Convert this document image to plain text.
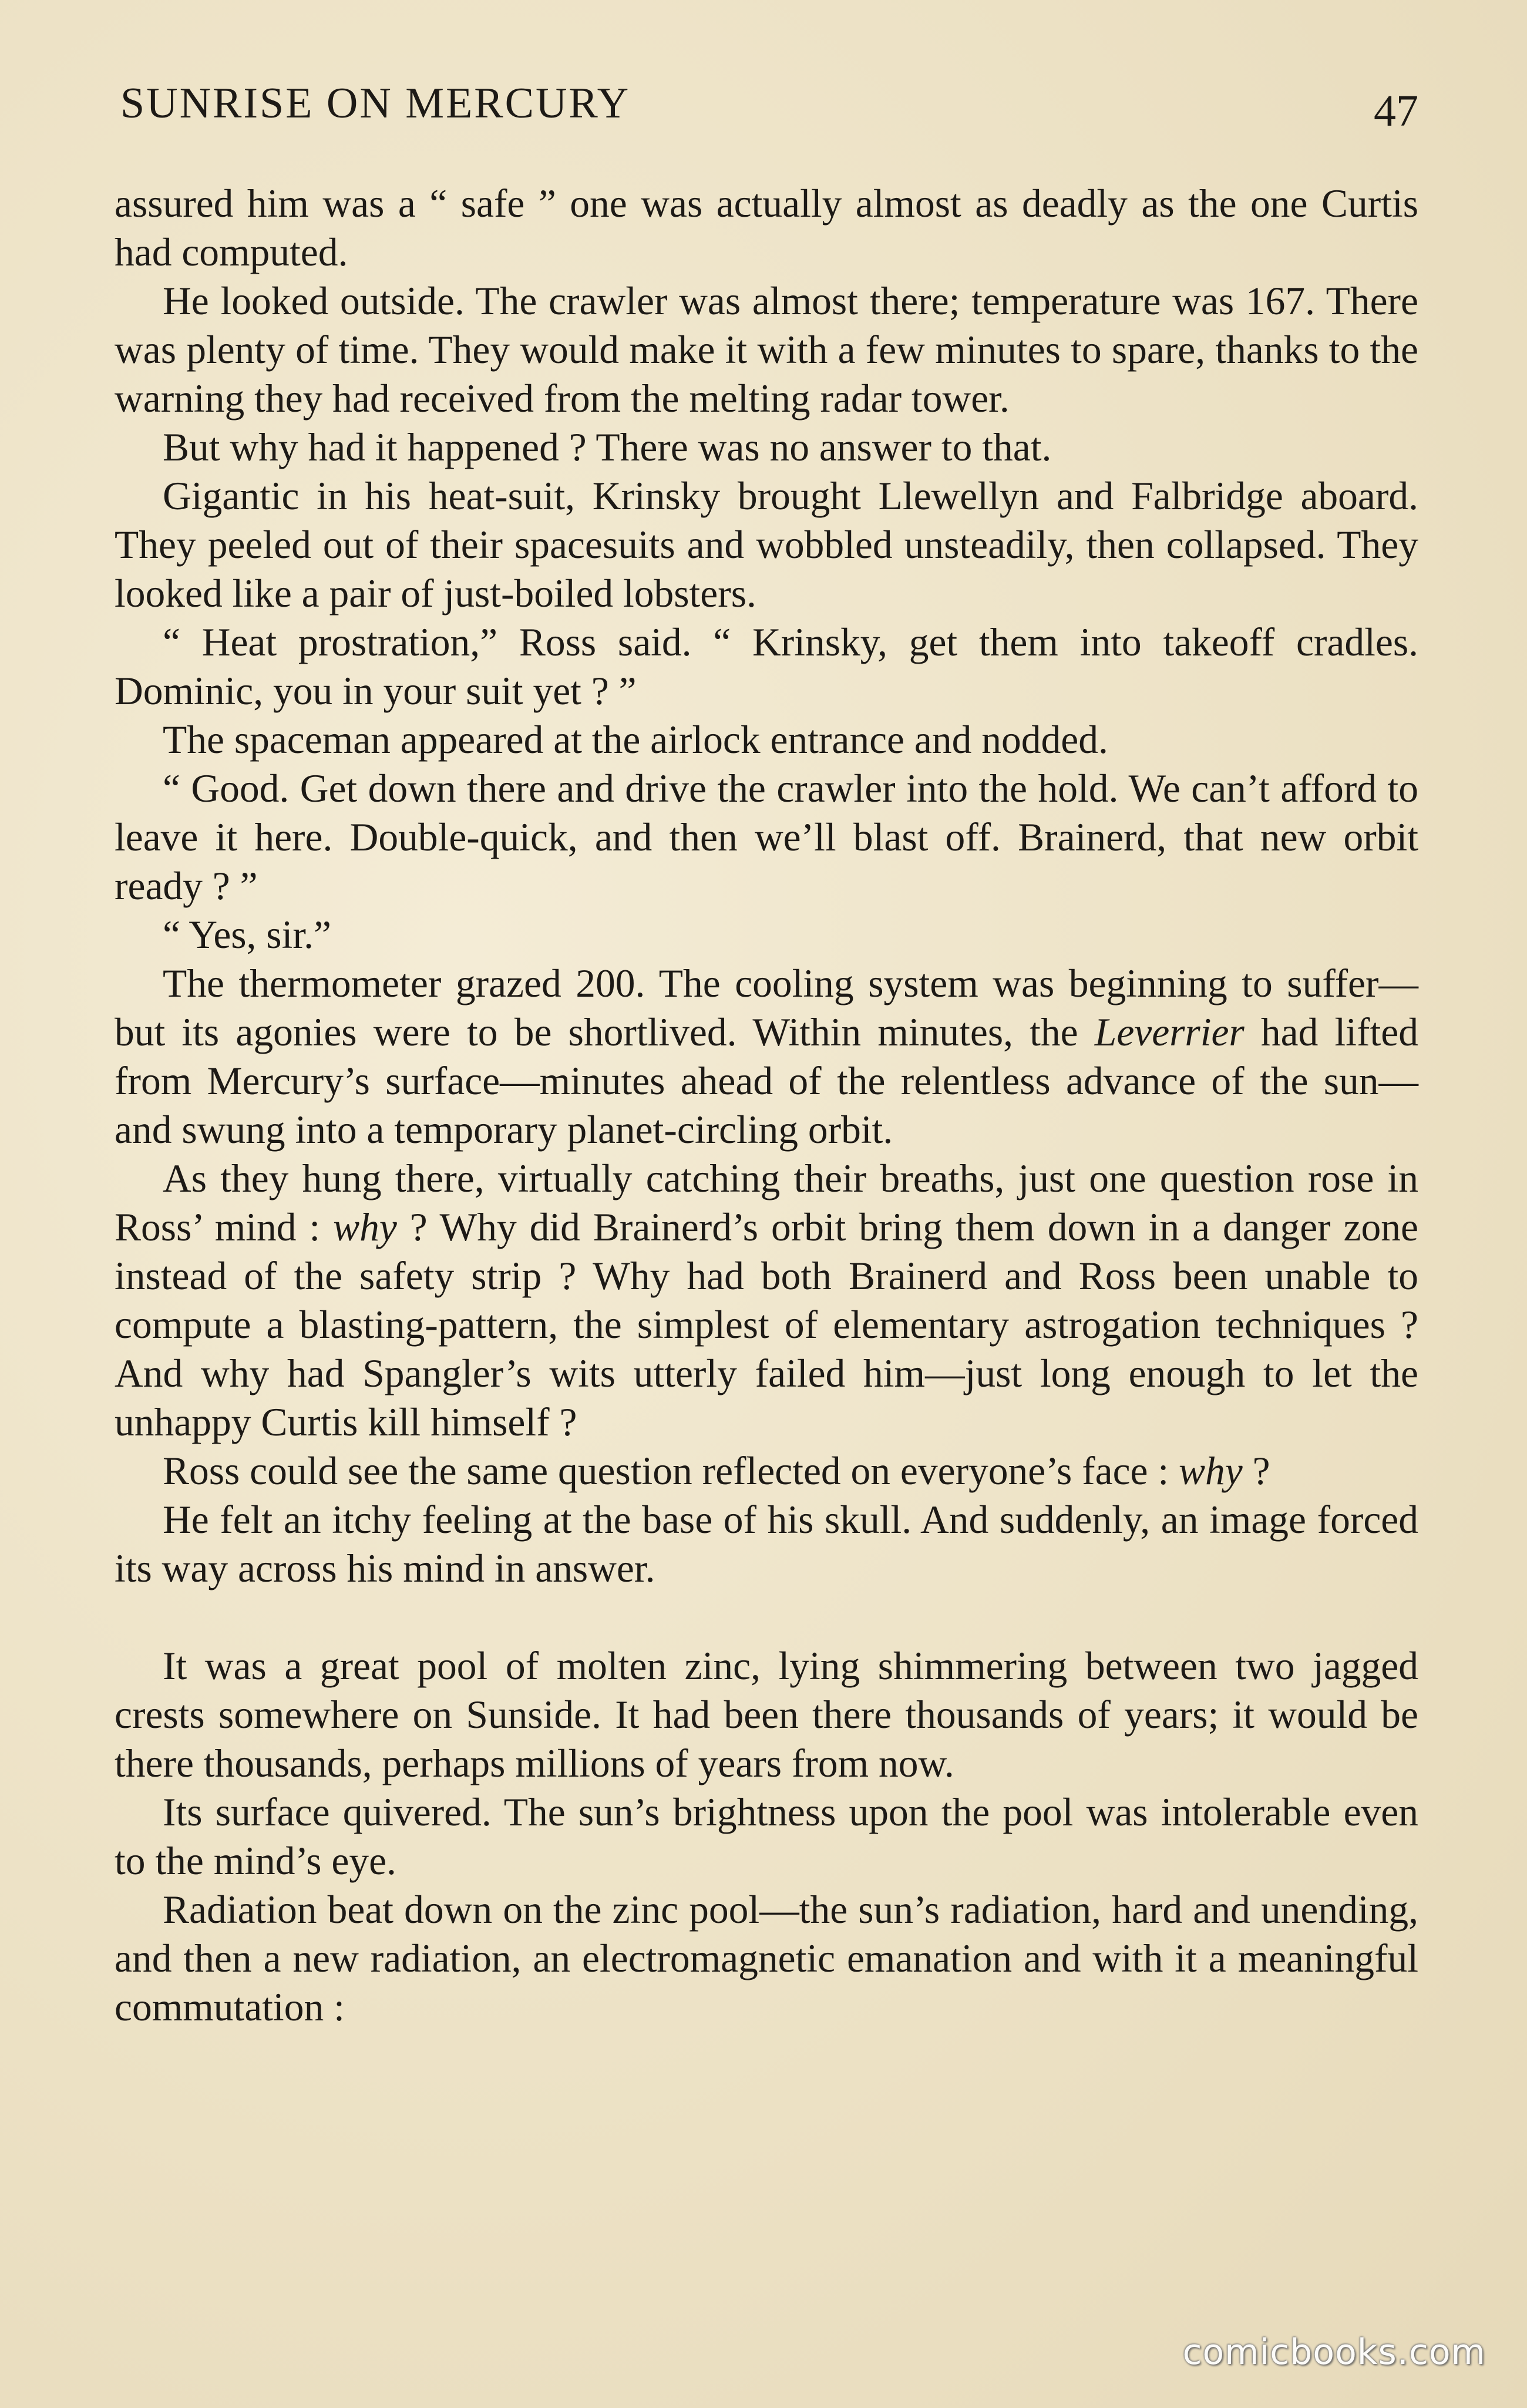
SUNRISE ON MERCURY	47

assured him was a “ safe ” one was actually almost as deadly as the one Curtis had computed.

He looked outside. The crawler was almost there; temperature was 167. There was plenty of time. They would make it with a few minutes to spare, thanks to the warning they had received from the melting radar tower.

But why had it happened ? There was no answer to that.

Gigantic in his heat-suit, Krinsky brought Llewellyn and Falbridge aboard. They peeled out of their spacesuits and wobbled unsteadily, then collapsed. They looked like a pair of just-boiled lobsters.

“ Heat prostration,” Ross said. “ Krinsky, get them into takeoff cradles. Dominic, you in your suit yet ? ”

The spaceman appeared at the airlock entrance and nodded.

“ Good. Get down there and drive the crawler into the hold. We can’t afford to leave it here. Double-quick, and then we’ll blast off. Brainerd, that new orbit ready ? ”

“ Yes, sir.”

The thermometer grazed 200. The cooling system was beginning to suffer—but its agonies were to be shortlived. Within minutes, the Leverrier had lifted from Mercury’s surface—minutes ahead of the relentless advance of the sun—and swung into a temporary planet-circling orbit.

As they hung there, virtually catching their breaths, just one question rose in Ross’ mind : why ? Why did Brainerd’s orbit bring them down in a danger zone instead of the safety strip ? Why had both Brainerd and Ross been unable to compute a blasting-pattern, the simplest of elementary astrogation techniques ? And why had Spangler’s wits utterly failed him—just long enough to let the unhappy Curtis kill himself ?

Ross could see the same question reflected on everyone’s face : why ?

He felt an itchy feeling at the base of his skull. And suddenly, an image forced its way across his mind in answer.

It was a great pool of molten zinc, lying shimmering between two jagged crests somewhere on Sunside. It had been there thousands of years; it would be there thousands, perhaps millions of years from now.

Its surface quivered. The sun’s brightness upon the pool was intolerable even to the mind’s eye.

Radiation beat down on the zinc pool—the sun’s radiation, hard and unending, and then a new radiation, an electromagnetic emanation and with it a meaningful commutation :

comicbooks.com
